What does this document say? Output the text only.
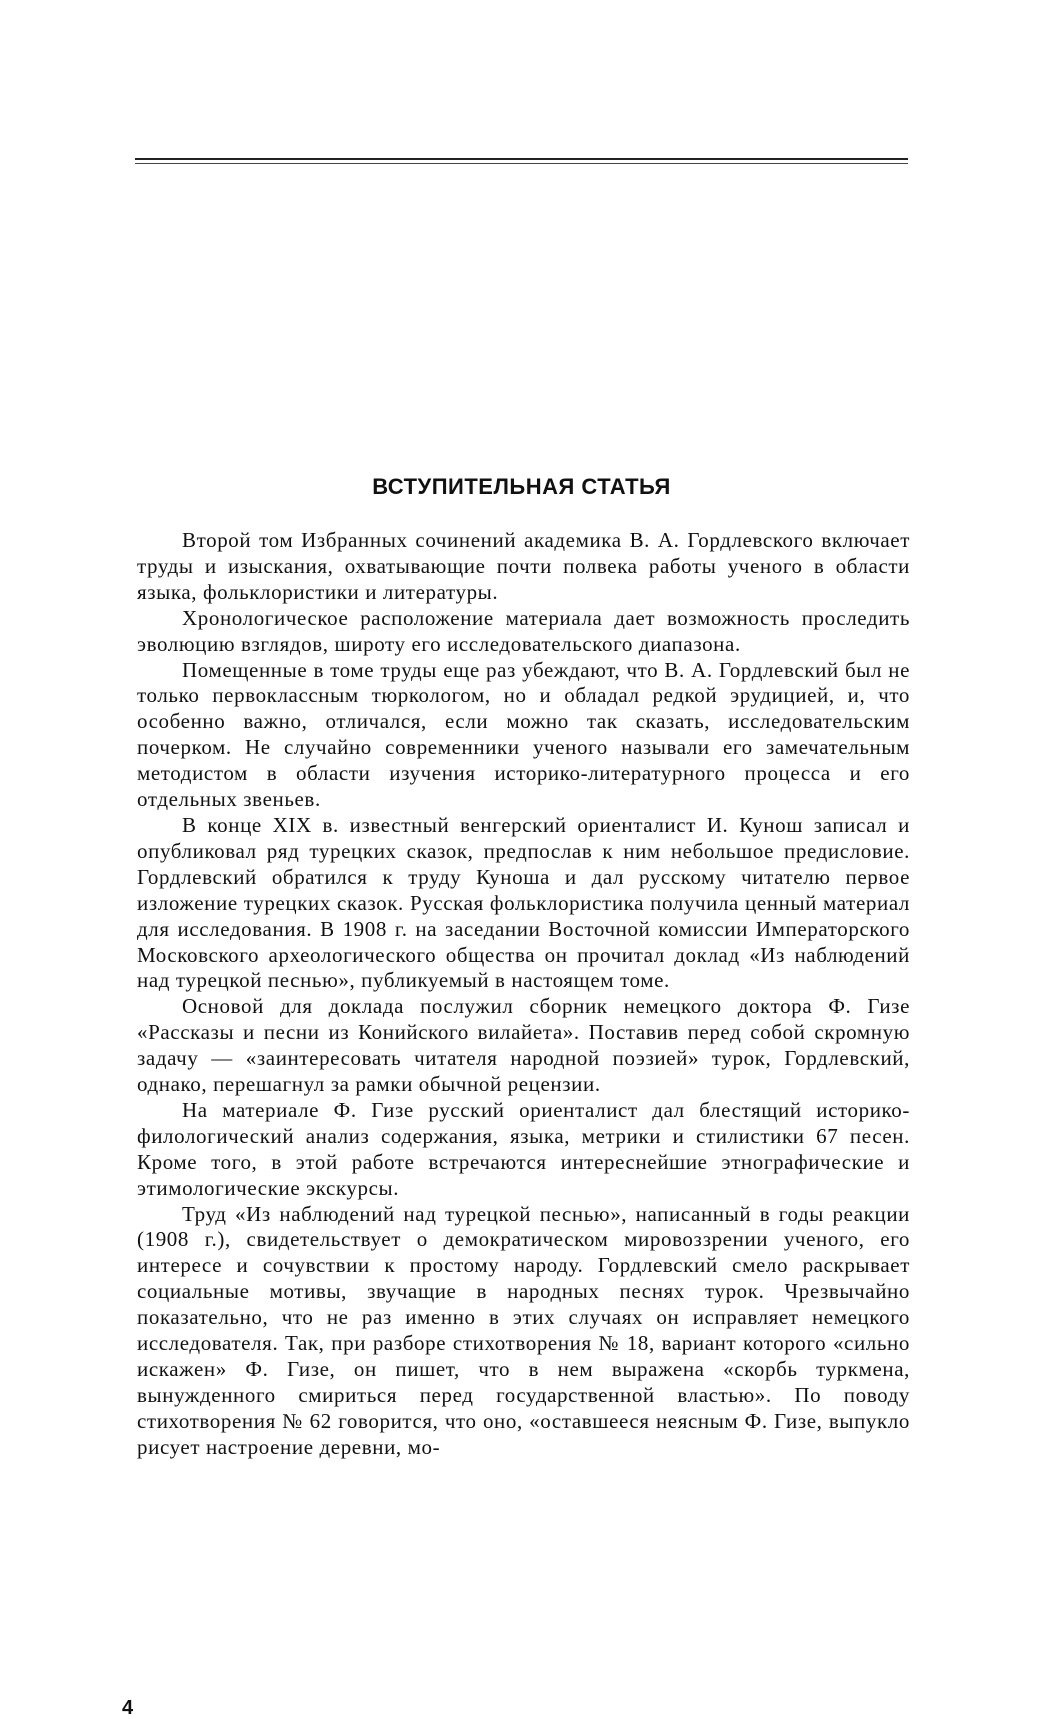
ВСТУПИТЕЛЬНАЯ СТАТЬЯ

Второй том Избранных сочинений академика В. А. Гордлевского включает труды и изыскания, охватывающие почти полвека работы ученого в области языка, фольклористики и литературы.

Хронологическое расположение материала дает возможность проследить эволюцию взглядов, широту его исследовательского диапазона.

Помещенные в томе труды еще раз убеждают, что В. А. Гордлевский был не только первоклассным тюркологом, но и обладал редкой эрудицией, и, что особенно важно, отличался, если можно так сказать, исследовательским почерком. Не случайно современники ученого называли его замечательным методистом в области изучения историко-литературного процесса и его отдельных звеньев.

В конце XIX в. известный венгерский ориенталист И. Кунош записал и опубликовал ряд турецких сказок, предпослав к ним небольшое предисловие. Гордлевский обратился к труду Куноша и дал русскому читателю первое изложение турецких сказок. Русская фольклористика получила ценный материал для исследования. В 1908 г. на заседании Восточной комиссии Императорского Московского археологического общества он прочитал доклад «Из наблюдений над турецкой песнью», публикуемый в настоящем томе.

Основой для доклада послужил сборник немецкого доктора Ф. Гизе «Рассказы и песни из Конийского вилайета». Поставив перед собой скромную задачу — «заинтересовать читателя народной поэзией» турок, Гордлевский, однако, перешагнул за рамки обычной рецензии.

На материале Ф. Гизе русский ориенталист дал блестящий историко-филологический анализ содержания, языка, метрики и стилистики 67 песен. Кроме того, в этой работе встречаются интереснейшие этнографические и этимологические экскурсы.

Труд «Из наблюдений над турецкой песнью», написанный в годы реакции (1908 г.), свидетельствует о демократическом мировоззрении ученого, его интересе и сочувствии к простому народу. Гордлевский смело раскрывает социальные мотивы, звучащие в народных песнях турок. Чрезвычайно показательно, что не раз именно в этих случаях он исправляет немецкого исследователя. Так, при разборе стихотворения № 18, вариант которого «сильно искажен» Ф. Гизе, он пишет, что в нем выражена «скорбь туркмена, вынужденного смириться перед государственной властью». По поводу стихотворения № 62 говорится, что оно, «оставшееся неясным Ф. Гизе, выпукло рисует настроение деревни, мо-

4
